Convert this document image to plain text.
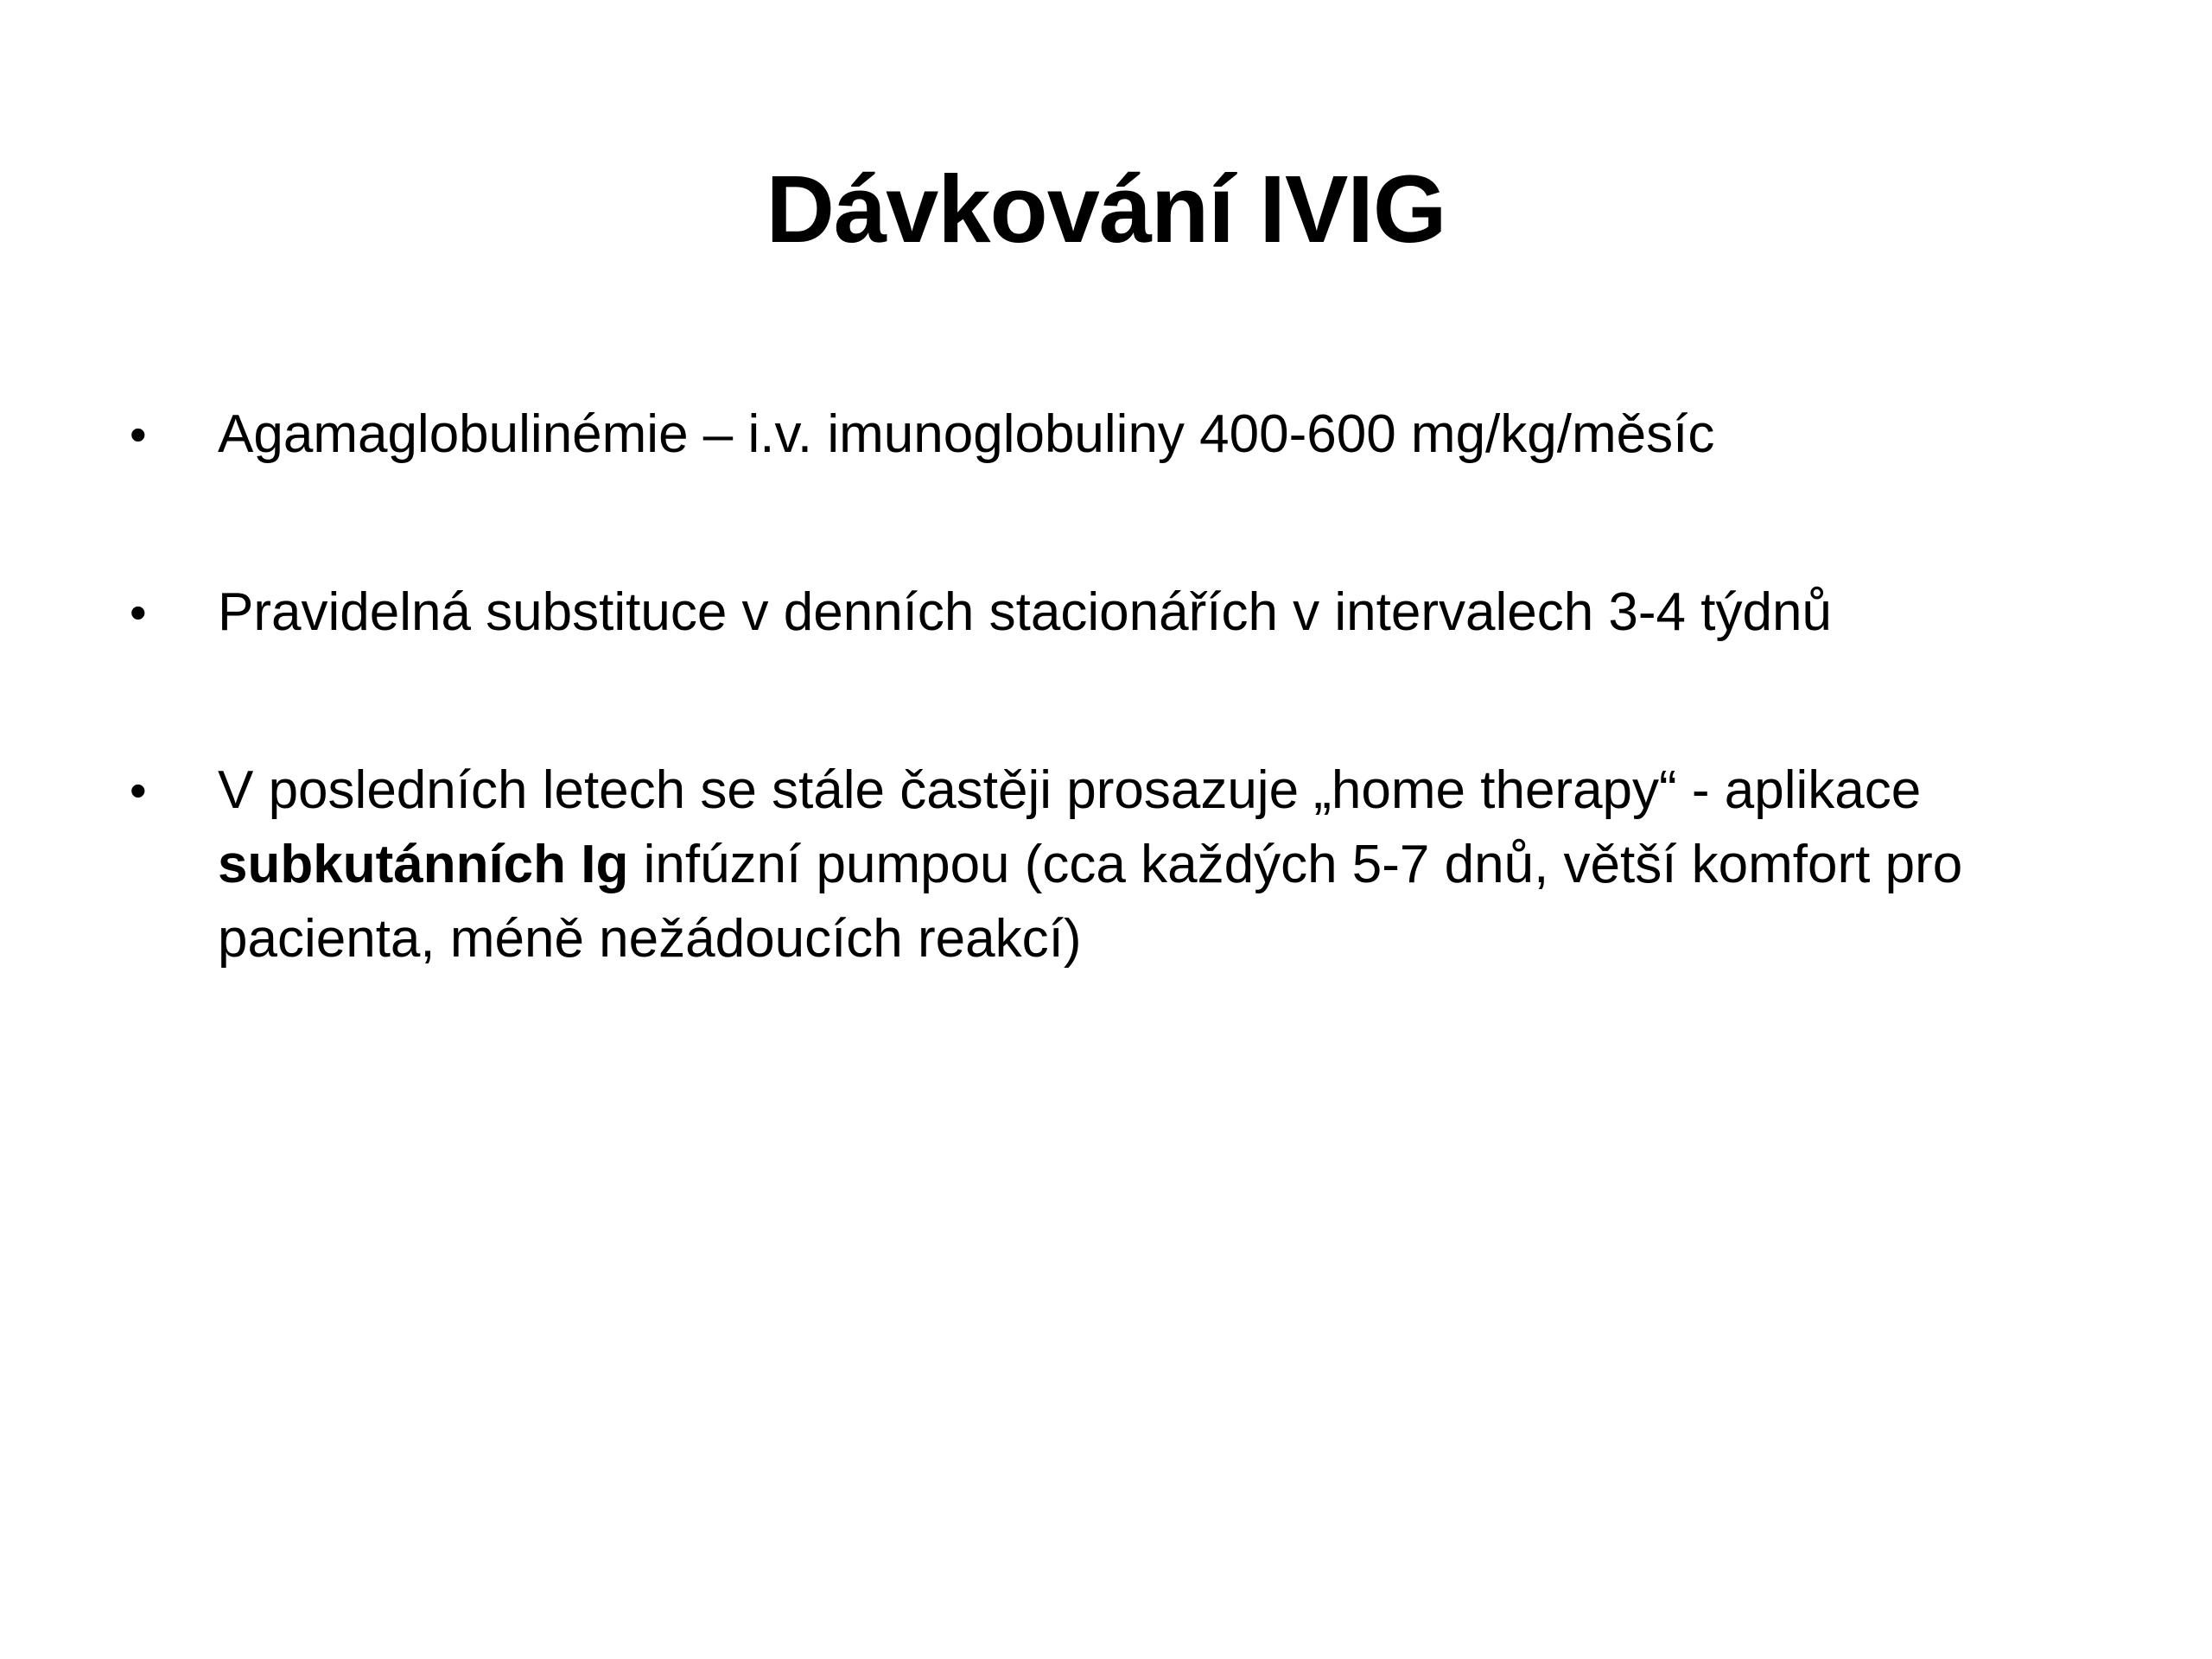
Dávkování IVIG
•	Agamaglobulinémie – i.v. imunoglobuliny 400-600 mg/kg/měsíc
•	Pravidelná substituce v denních stacionářích v intervalech 3-4 týdnů
•	V posledních letech se stále častěji prosazuje „home therapy“ - aplikace subkutánních Ig infúzní pumpou (cca každých 5-7 dnů, větší komfort pro pacienta, méně nežádoucích reakcí)
